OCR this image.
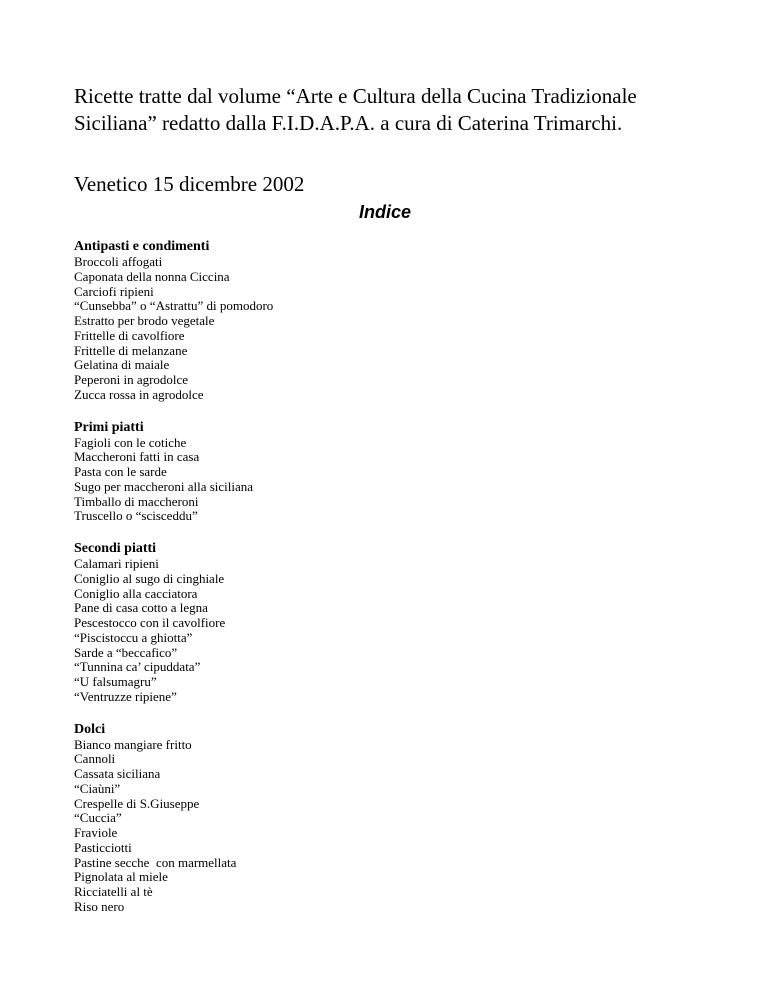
Ricette tratte dal volume “Arte e Cultura della Cucina Tradizionale Siciliana” redatto dalla F.I.D.A.P.A. a cura di Caterina Trimarchi.

Venetico 15 dicembre 2002

Indice
Antipasti e condimenti
Broccoli affogati
Caponata della nonna Ciccina
Carciofi ripieni
“Cunsebba” o “Astrattu” di pomodoro
Estratto per brodo vegetale
Frittelle di cavolfiore
Frittelle di melanzane
Gelatina di maiale
Peperoni in agrodolce
Zucca rossa in agrodolce
Primi piatti
Fagioli con le cotiche
Maccheroni fatti in casa
Pasta con le sarde
Sugo per maccheroni alla siciliana
Timballo di maccheroni
Truscello o “scisceddu”
Secondi piatti
Calamari ripieni
Coniglio al sugo di cinghiale
Coniglio alla cacciatora
Pane di casa cotto a legna
Pescestocco con il cavolfiore
“Piscistoccu a ghiotta”
Sarde a “beccafico”
“Tunnina ca’ cipuddata”
“U falsumagru”
“Ventruzze ripiene”
Dolci
Bianco mangiare fritto
Cannoli
Cassata siciliana
“Ciaùni”
Crespelle di S.Giuseppe
“Cuccia”
Fraviole
Pasticciotti
Pastine secche  con marmellata
Pignolata al miele
Ricciatelli al tè
Riso nero
